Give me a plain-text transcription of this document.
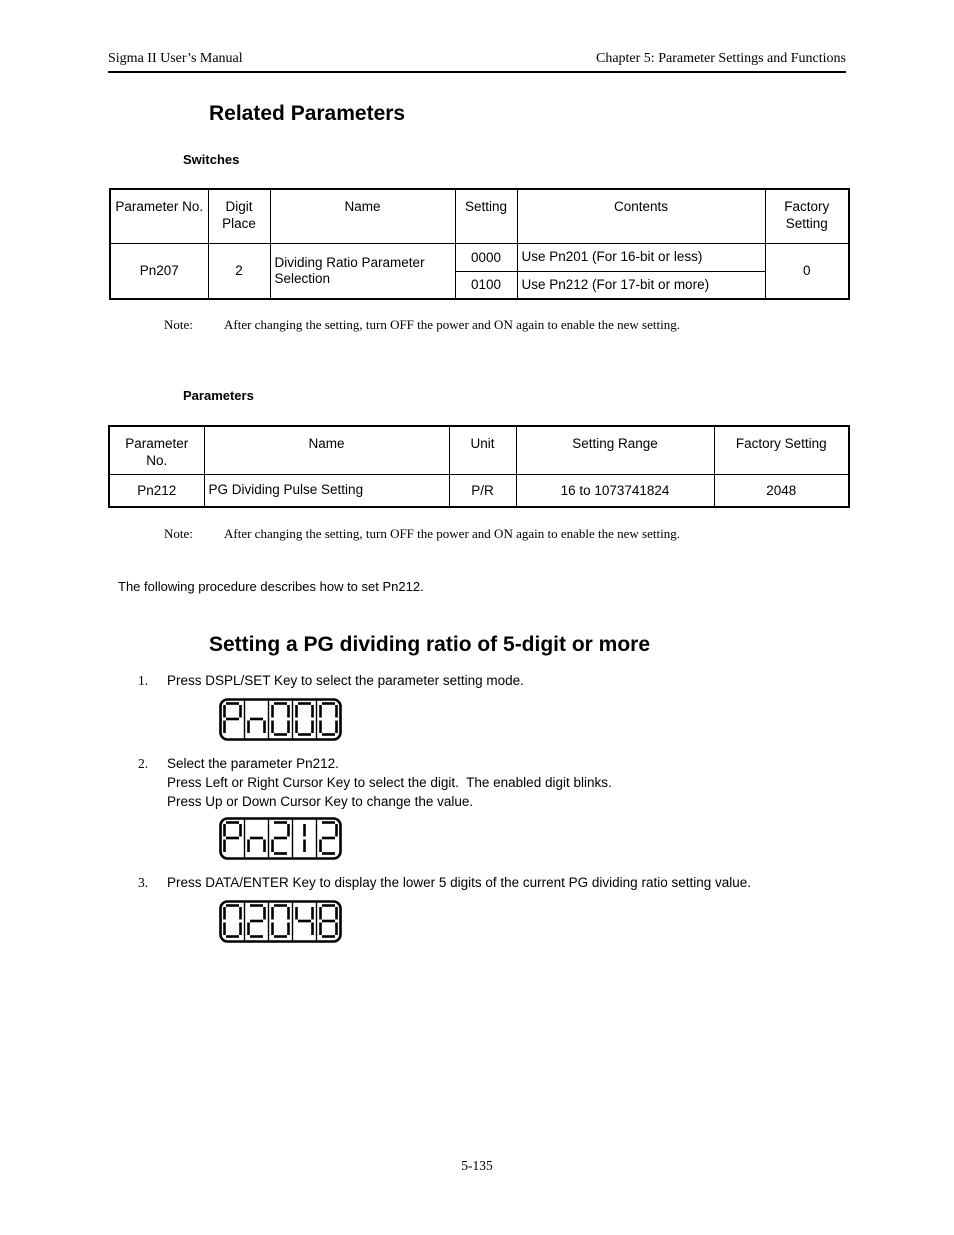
Sigma II User’s Manual	Chapter 5: Parameter Settings and Functions
Related Parameters
Switches
Parameter No.	Digit Place	Name	Setting	Contents	Factory Setting
Pn207	2	Dividing Ratio Parameter Selection	0000	Use Pn201 (For 16-bit or less)	0
			0100	Use Pn212 (For 17-bit or more)	
Note:	After changing the setting, turn OFF the power and ON again to enable the new setting.
Parameters
Parameter No.	Name	Unit	Setting Range	Factory Setting
Pn212	PG Dividing Pulse Setting	P/R	16 to 1073741824	2048
Note:	After changing the setting, turn OFF the power and ON again to enable the new setting.
The following procedure describes how to set Pn212.
Setting a PG dividing ratio of 5-digit or more
1. Press DSPL/SET Key to select the parameter setting mode.
2. Select the parameter Pn212.
Press Left or Right Cursor Key to select the digit.  The enabled digit blinks.
Press Up or Down Cursor Key to change the value.
3. Press DATA/ENTER Key to display the lower 5 digits of the current PG dividing ratio setting value.
5-135
